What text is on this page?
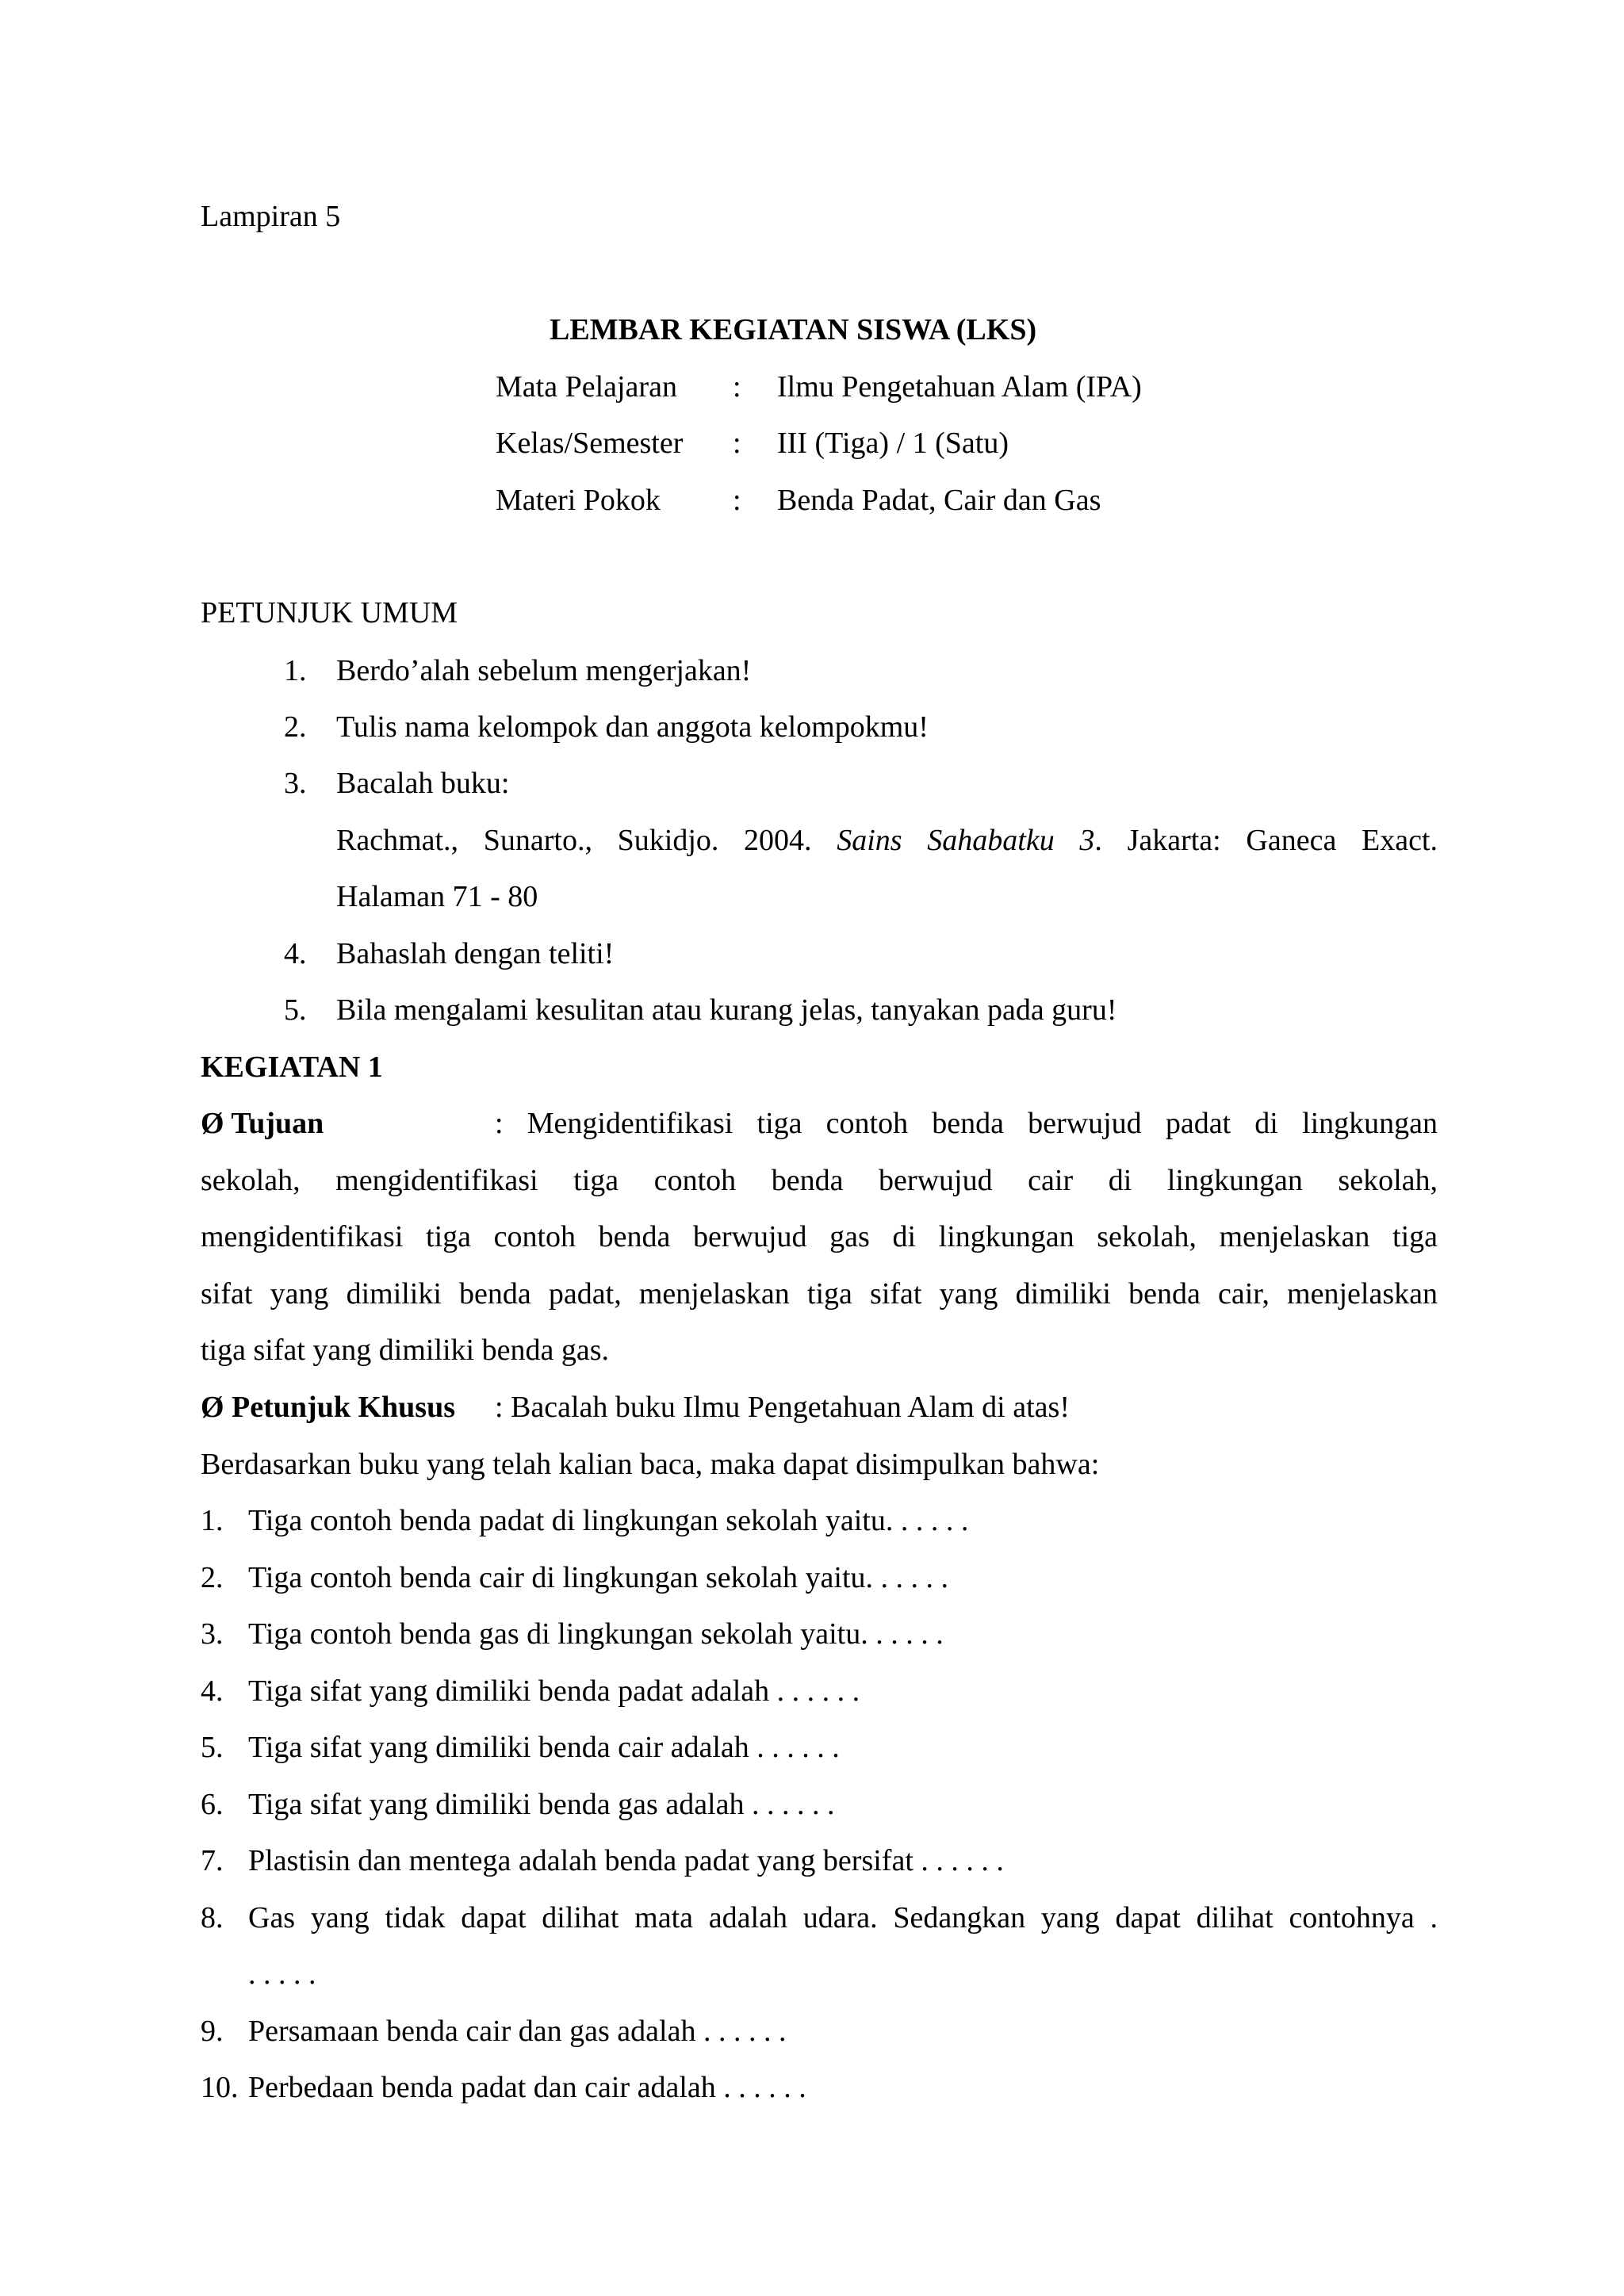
Lampiran 5
LEMBAR KEGIATAN SISWA (LKS)
Mata Pelajaran : Ilmu Pengetahuan Alam (IPA)
Kelas/Semester : III (Tiga) / 1 (Satu)
Materi Pokok : Benda Padat, Cair dan Gas
PETUNJUK UMUM
1. Berdo’alah sebelum mengerjakan!
2. Tulis nama kelompok dan anggota kelompokmu!
3. Bacalah buku:
Rachmat., Sunarto., Sukidjo. 2004. Sains Sahabatku 3. Jakarta: Ganeca Exact.
Halaman 71 - 80
4. Bahaslah dengan teliti!
5. Bila mengalami kesulitan atau kurang jelas, tanyakan pada guru!
KEGIATAN 1
Ø Tujuan	: Mengidentifikasi tiga contoh benda berwujud padat di lingkungan
sekolah, mengidentifikasi tiga contoh benda berwujud cair di lingkungan sekolah,
mengidentifikasi tiga contoh benda berwujud gas di lingkungan sekolah, menjelaskan tiga
sifat yang dimiliki benda padat, menjelaskan tiga sifat yang dimiliki benda cair, menjelaskan
tiga sifat yang dimiliki benda gas.
Ø Petunjuk Khusus : Bacalah buku Ilmu Pengetahuan Alam di atas!
Berdasarkan buku yang telah kalian baca, maka dapat disimpulkan bahwa:
1. Tiga contoh benda padat di lingkungan sekolah yaitu. . . . . .
2. Tiga contoh benda cair di lingkungan sekolah yaitu. . . . . .
3. Tiga contoh benda gas di lingkungan sekolah yaitu. . . . . .
4. Tiga sifat yang dimiliki benda padat adalah . . . . . .
5. Tiga sifat yang dimiliki benda cair adalah . . . . . .
6. Tiga sifat yang dimiliki benda gas adalah . . . . . .
7. Plastisin dan mentega adalah benda padat yang bersifat . . . . . .
8. Gas yang tidak dapat dilihat mata adalah udara. Sedangkan yang dapat dilihat contohnya .
. . . . .
9. Persamaan benda cair dan gas adalah . . . . . .
10. Perbedaan benda padat dan cair adalah . . . . . .
